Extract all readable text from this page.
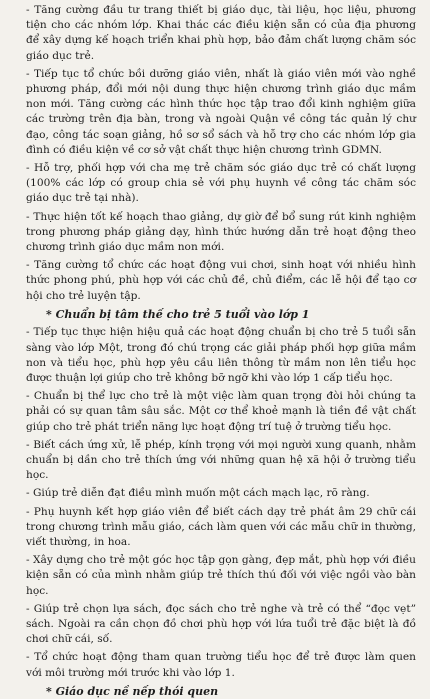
- Tăng cường đầu tư trang thiết bị giáo dục, tài liệu, học liệu, phương tiện cho các nhóm lớp. Khai thác các điều kiện sẵn có của địa phương để xây dựng kế hoạch triển khai phù hợp, bảo đảm chất lượng chăm sóc giáo dục trẻ.

- Tiếp tục tổ chức bồi dưỡng giáo viên, nhất là giáo viên mới vào nghề phương pháp, đổi mới nội dung thực hiện chương trình giáo dục mầm non mới. Tăng cường các hình thức học tập trao đổi kinh nghiệm giữa các trường trên địa bàn, trong và ngoài Quận về công tác quản lý chư đạo, công tác soạn giảng, hồ sơ sổ sách và hỗ trợ cho các nhóm lớp gia đình có điều kiện về cơ sở vật chất thực hiện chương trình GDMN.

- Hỗ trợ, phối hợp với cha mẹ trẻ chăm sóc giáo dục trẻ có chất lượng (100% các lớp có group chia sẻ với phụ huynh về công tác chăm sóc giáo dục trẻ tại nhà).

- Thực hiện tốt kế hoạch thao giảng, dự giờ để bổ sung rút kinh nghiệm trong phương pháp giảng dạy, hình thức hướng dẫn trẻ hoạt động theo chương trình giáo dục mầm non mới.

- Tăng cường tổ chức các hoạt động vui chơi, sinh hoạt với nhiều hình thức phong phú, phù hợp với các chủ đề, chủ điểm, các lễ hội để tạo cơ hội cho trẻ luyện tập.

* Chuẩn bị tâm thế cho trẻ 5 tuổi vào lớp 1

- Tiếp tục thực hiện hiệu quả các hoạt động chuẩn bị cho trẻ 5 tuổi sẵn sàng vào lớp Một, trong đó chú trọng các giải pháp phối hợp giữa mầm non và tiểu học, phù hợp yêu cầu liên thông từ mầm non lên tiểu học được thuận lợi giúp cho trẻ không bỡ ngỡ khi vào lớp 1 cấp tiểu học.

- Chuẩn bị thể lực cho trẻ là một việc làm quan trọng đòi hỏi chúng ta phải có sự quan tâm sâu sắc. Một cơ thể khoẻ mạnh là tiền đề vật chất giúp cho trẻ phát triển năng lực hoạt động trí tuệ ở trường tiểu học.

- Biết cách ứng xử, lễ phép, kính trọng với mọi người xung quanh, nhằm chuẩn bị dần cho trẻ thích ứng với những quan hệ xã hội ở trường tiểu học.

- Giúp trẻ diễn đạt điều mình muốn một cách mạch lạc, rõ ràng.

- Phụ huynh kết hợp giáo viên để biết cách dạy trẻ phát âm 29 chữ cái trong chương trình mẫu giáo, cách làm quen với các mẫu chữ in thường, viết thường, in hoa.

- Xây dựng cho trẻ một góc học tập gọn gàng, đẹp mắt, phù hợp với điều kiện sẵn có của mình nhằm giúp trẻ thích thú đối với việc ngồi vào bàn học.

- Giúp trẻ chọn lựa sách, đọc sách cho trẻ nghe và trẻ có thể “đọc vẹt” sách. Ngoài ra cần chọn đồ chơi phù hợp với lứa tuổi trẻ đặc biệt là đồ chơi chữ cái, số.

- Tổ chức hoạt động tham quan trường tiểu học để trẻ được làm quen với môi trường mới trước khi vào lớp 1.

* Giáo dục nề nếp thói quen
